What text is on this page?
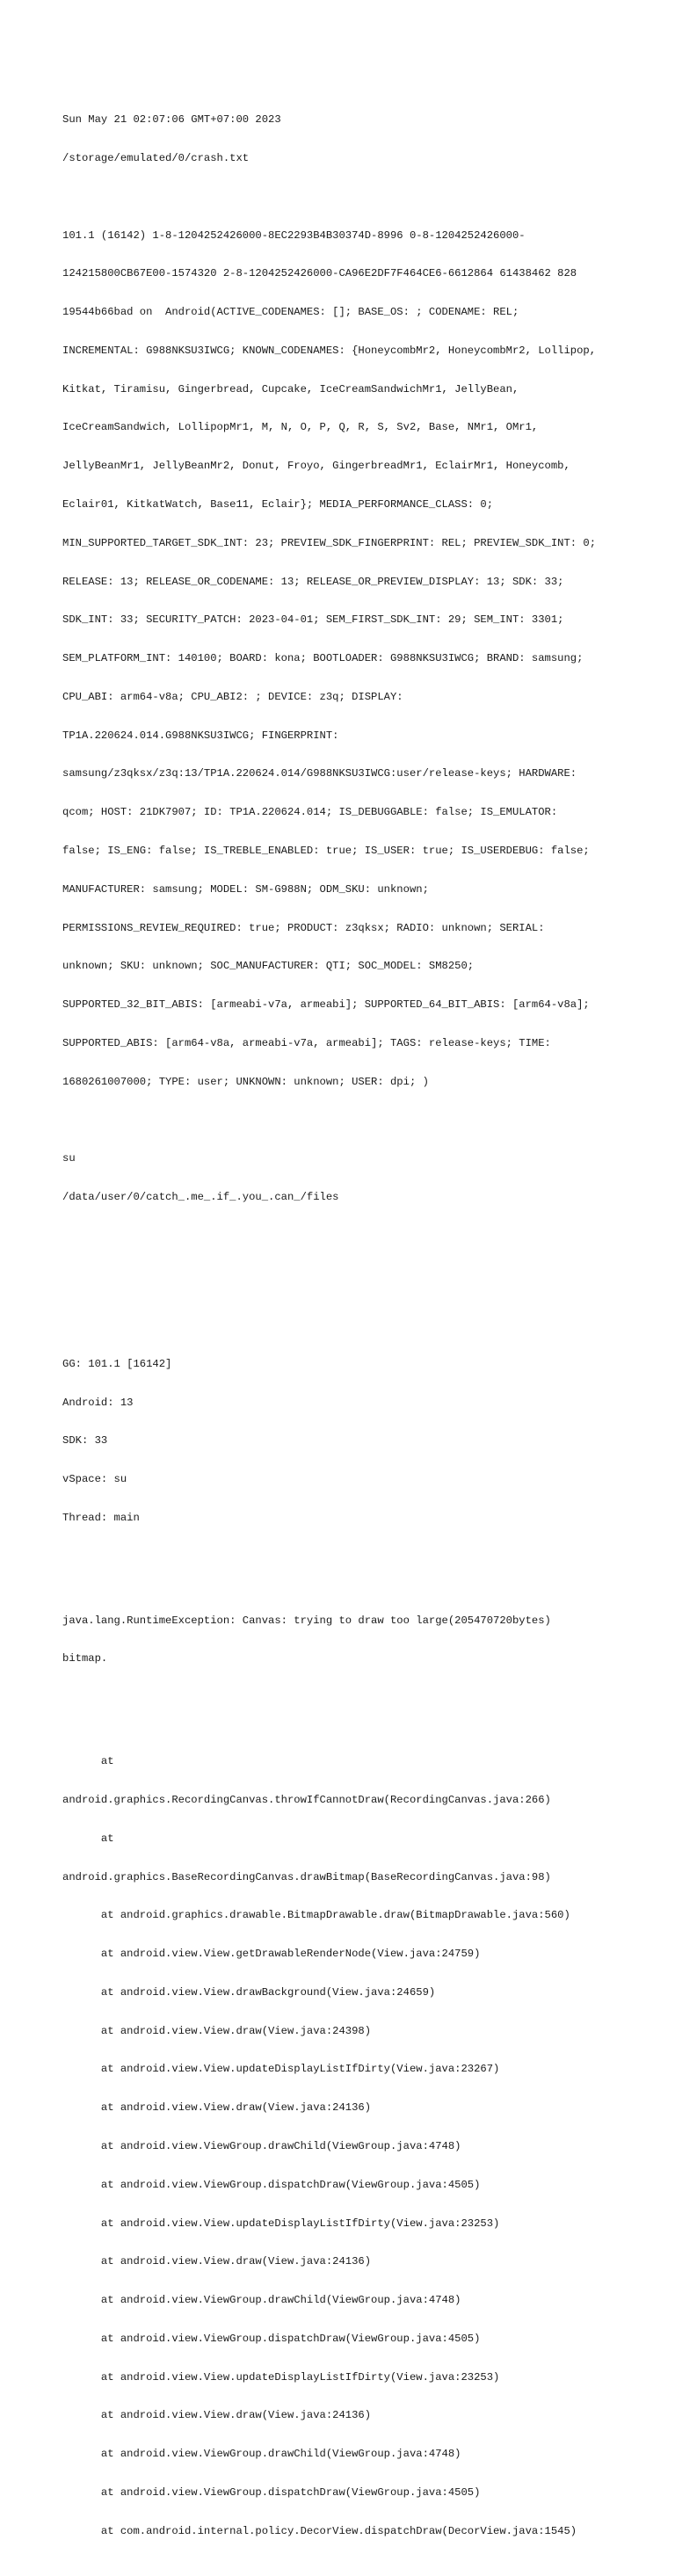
Sun May 21 02:07:06 GMT+07:00 2023

/storage/emulated/0/crash.txt

101.1 (16142) 1-8-1204252426000-8EC2293B4B30374D-8996 0-8-1204252426000-

124215800CB67E00-1574320 2-8-1204252426000-CA96E2DF7F464CE6-6612864 61438462 828

19544b66bad on  Android(ACTIVE_CODENAMES: []; BASE_OS: ; CODENAME: REL;

INCREMENTAL: G988NKSU3IWCG; KNOWN_CODENAMES: {HoneycombMr2, HoneycombMr2, Lollipop,

Kitkat, Tiramisu, Gingerbread, Cupcake, IceCreamSandwichMr1, JellyBean,

IceCreamSandwich, LollipopMr1, M, N, O, P, Q, R, S, Sv2, Base, NMr1, OMr1,

JellyBeanMr1, JellyBeanMr2, Donut, Froyo, GingerbreadMr1, EclairMr1, Honeycomb,

Eclair01, KitkatWatch, Base11, Eclair}; MEDIA_PERFORMANCE_CLASS: 0;

MIN_SUPPORTED_TARGET_SDK_INT: 23; PREVIEW_SDK_FINGERPRINT: REL; PREVIEW_SDK_INT: 0;

RELEASE: 13; RELEASE_OR_CODENAME: 13; RELEASE_OR_PREVIEW_DISPLAY: 13; SDK: 33;

SDK_INT: 33; SECURITY_PATCH: 2023-04-01; SEM_FIRST_SDK_INT: 29; SEM_INT: 3301;

SEM_PLATFORM_INT: 140100; BOARD: kona; BOOTLOADER: G988NKSU3IWCG; BRAND: samsung;

CPU_ABI: arm64-v8a; CPU_ABI2: ; DEVICE: z3q; DISPLAY:

TP1A.220624.014.G988NKSU3IWCG; FINGERPRINT:

samsung/z3qksx/z3q:13/TP1A.220624.014/G988NKSU3IWCG:user/release-keys; HARDWARE:

qcom; HOST: 21DK7907; ID: TP1A.220624.014; IS_DEBUGGABLE: false; IS_EMULATOR:

false; IS_ENG: false; IS_TREBLE_ENABLED: true; IS_USER: true; IS_USERDEBUG: false;

MANUFACTURER: samsung; MODEL: SM-G988N; ODM_SKU: unknown;

PERMISSIONS_REVIEW_REQUIRED: true; PRODUCT: z3qksx; RADIO: unknown; SERIAL:

unknown; SKU: unknown; SOC_MANUFACTURER: QTI; SOC_MODEL: SM8250;

SUPPORTED_32_BIT_ABIS: [armeabi-v7a, armeabi]; SUPPORTED_64_BIT_ABIS: [arm64-v8a];

SUPPORTED_ABIS: [arm64-v8a, armeabi-v7a, armeabi]; TAGS: release-keys; TIME:

1680261007000; TYPE: user; UNKNOWN: unknown; USER: dpi; )

su

/data/user/0/catch_.me_.if_.you_.can_/files

GG: 101.1 [16142]

Android: 13

SDK: 33

vSpace: su

Thread: main

java.lang.RuntimeException: Canvas: trying to draw too large(205470720bytes)

bitmap.

at

android.graphics.RecordingCanvas.throwIfCannotDraw(RecordingCanvas.java:266)

at

android.graphics.BaseRecordingCanvas.drawBitmap(BaseRecordingCanvas.java:98)

at android.graphics.drawable.BitmapDrawable.draw(BitmapDrawable.java:560)

at android.view.View.getDrawableRenderNode(View.java:24759)

at android.view.View.drawBackground(View.java:24659)

at android.view.View.draw(View.java:24398)

at android.view.View.updateDisplayListIfDirty(View.java:23267)

at android.view.View.draw(View.java:24136)

at android.view.ViewGroup.drawChild(ViewGroup.java:4748)

at android.view.ViewGroup.dispatchDraw(ViewGroup.java:4505)

at android.view.View.updateDisplayListIfDirty(View.java:23253)

at android.view.View.draw(View.java:24136)

at android.view.ViewGroup.drawChild(ViewGroup.java:4748)

at android.view.ViewGroup.dispatchDraw(ViewGroup.java:4505)

at android.view.View.updateDisplayListIfDirty(View.java:23253)

at android.view.View.draw(View.java:24136)

at android.view.ViewGroup.drawChild(ViewGroup.java:4748)

at android.view.ViewGroup.dispatchDraw(ViewGroup.java:4505)

at com.android.internal.policy.DecorView.dispatchDraw(DecorView.java:1545)
